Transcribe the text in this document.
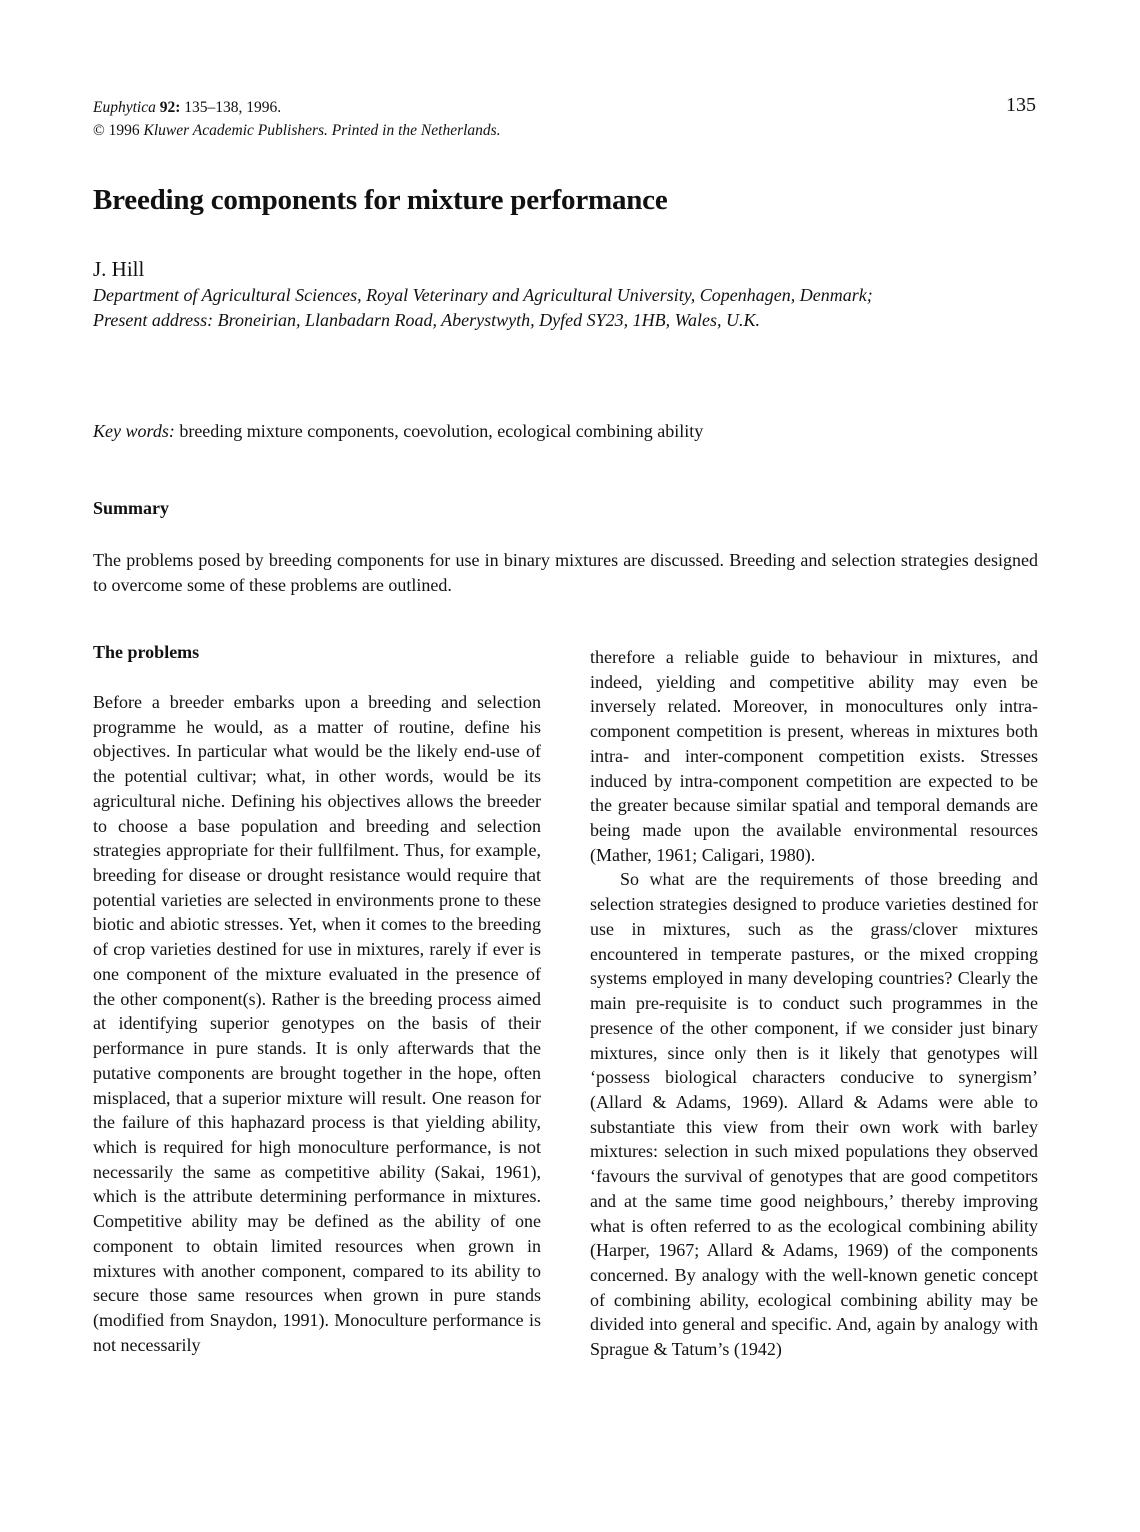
Euphytica 92: 135–138, 1996.
© 1996 Kluwer Academic Publishers. Printed in the Netherlands.
135
Breeding components for mixture performance
J. Hill
Department of Agricultural Sciences, Royal Veterinary and Agricultural University, Copenhagen, Denmark;
Present address: Broneirian, Llanbadarn Road, Aberystwyth, Dyfed SY23, 1HB, Wales, U.K.
Key words: breeding mixture components, coevolution, ecological combining ability
Summary
The problems posed by breeding components for use in binary mixtures are discussed. Breeding and selection strategies designed to overcome some of these problems are outlined.
The problems

Before a breeder embarks upon a breeding and selection programme he would, as a matter of routine, define his objectives. In particular what would be the likely end-use of the potential cultivar; what, in other words, would be its agricultural niche. Defining his objectives allows the breeder to choose a base population and breeding and selection strategies appropriate for their fullfilment. Thus, for example, breeding for disease or drought resistance would require that potential varieties are selected in environments prone to these biotic and abiotic stresses. Yet, when it comes to the breeding of crop varieties destined for use in mixtures, rarely if ever is one component of the mixture evaluated in the presence of the other component(s). Rather is the breeding process aimed at identifying superior genotypes on the basis of their performance in pure stands. It is only afterwards that the putative components are brought together in the hope, often misplaced, that a superior mixture will result. One reason for the failure of this haphazard process is that yielding ability, which is required for high monoculture performance, is not necessarily the same as competitive ability (Sakai, 1961), which is the attribute determining performance in mixtures. Competitive ability may be defined as the ability of one component to obtain limited resources when grown in mixtures with another component, compared to its ability to secure those same resources when grown in pure stands (modified from Snaydon, 1991). Monoculture performance is not necessarily

therefore a reliable guide to behaviour in mixtures, and indeed, yielding and competitive ability may even be inversely related. Moreover, in monocultures only intra-component competition is present, whereas in mixtures both intra- and inter-component competition exists. Stresses induced by intra-component competition are expected to be the greater because similar spatial and temporal demands are being made upon the available environmental resources (Mather, 1961; Caligari, 1980).

So what are the requirements of those breeding and selection strategies designed to produce varieties destined for use in mixtures, such as the grass/clover mixtures encountered in temperate pastures, or the mixed cropping systems employed in many developing countries? Clearly the main pre-requisite is to conduct such programmes in the presence of the other component, if we consider just binary mixtures, since only then is it likely that genotypes will ‘possess biological characters conducive to synergism’ (Allard & Adams, 1969). Allard & Adams were able to substantiate this view from their own work with barley mixtures: selection in such mixed populations they observed ‘favours the survival of genotypes that are good competitors and at the same time good neighbours,’ thereby improving what is often referred to as the ecological combining ability (Harper, 1967; Allard & Adams, 1969) of the components concerned. By analogy with the well-known genetic concept of combining ability, ecological combining ability may be divided into general and specific. And, again by analogy with Sprague & Tatum’s (1942)
